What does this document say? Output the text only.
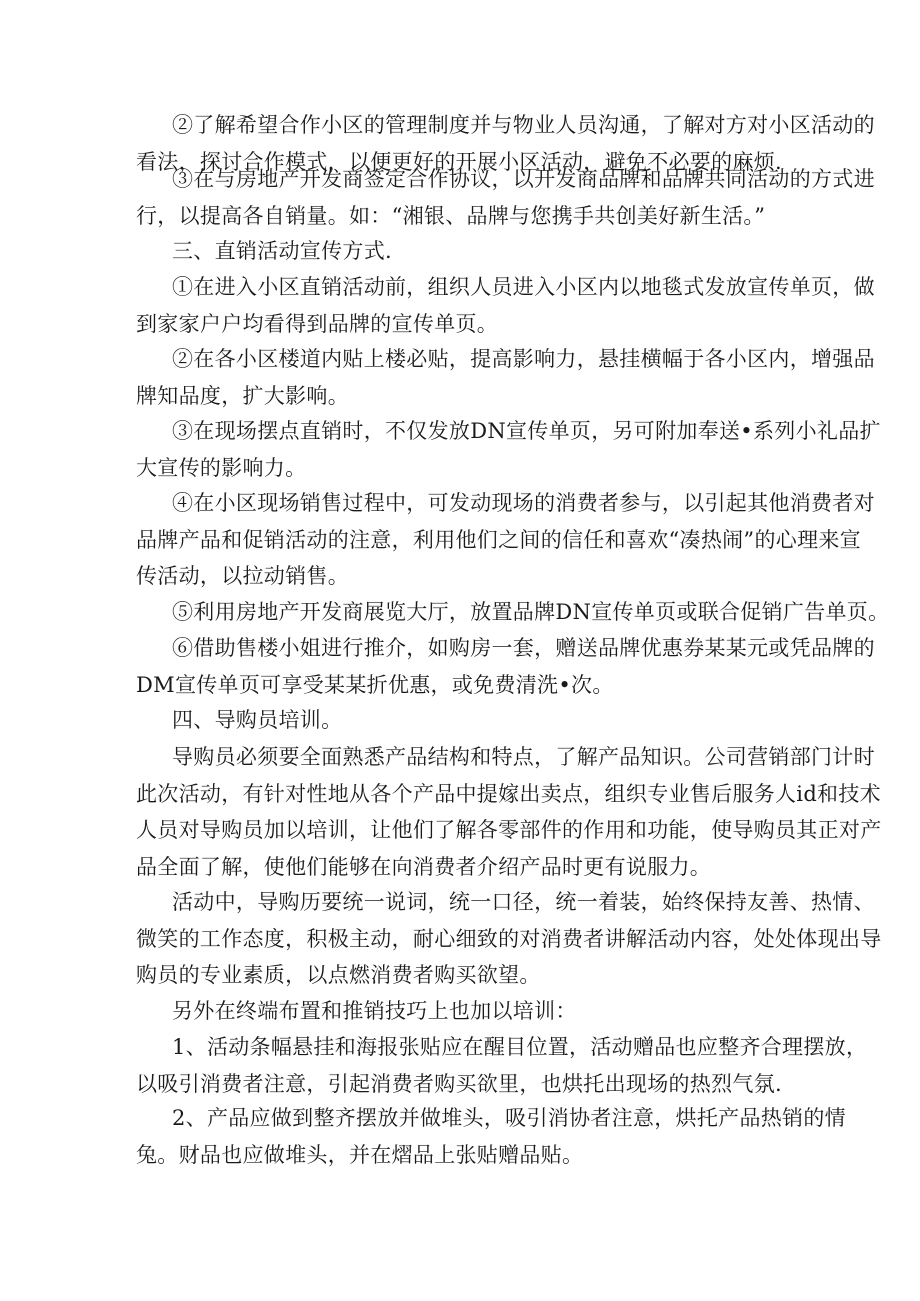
②了解希望合作小区的管理制度并与物业人员沟通，了解对方对小区活动的
看法，探讨合作模式，以便更好的开展小区活动，避免不必要的麻烦.

③在与房地产开发商签定合作协议，以开发商品牌和品牌共同活动的方式进
行，以提高各自销量。如：“湘银、品牌与您携手共创美好新生活。”

三、直销活动宣传方式.

①在进入小区直销活动前，组织人员进入小区内以地毯式发放宣传单页，做
到家家户户均看得到品牌的宣传单页。

②在各小区楼道内贴上楼必贴，提高影响力，悬挂横幅于各小区内，增强品
牌知品度，扩大影响。

③在现场摆点直销时，不仅发放DN宣传单页，另可附加奉送•系列小礼品扩
大宣传的影响力。

④在小区现场销售过程中，可发动现场的消费者参与，以引起其他消费者对
品牌产品和促销活动的注意，利用他们之间的信任和喜欢“凑热闹”的心理来宣
传活动，以拉动销售。

⑤利用房地产开发商展览大厅，放置品牌DN宣传单页或联合促销广告单页。

⑥借助售楼小姐进行推介，如购房一套，赠送品牌优惠券某某元或凭品牌的
DM宣传单页可享受某某折优惠，或免费清洗•次。

四、导购员培训。

导购员必须要全面熟悉产品结构和特点，了解产品知识。公司营销部门计时
此次活动，有针对性地从各个产品中提嫁出卖点，组织专业售后服务人id和技术
人员对导购员加以培训，让他们了解各零部件的作用和功能，使导购员其正对产
品全面了解，使他们能够在向消费者介绍产品时更有说服力。

活动中，导购历要统一说词，统一口径，统一着装，始终保持友善、热情、
微笑的工作态度，积极主动，耐心细致的对消费者讲解活动内容，处处体现出导
购员的专业素质，以点燃消费者购买欲望。

另外在终端布置和推销技巧上也加以培训：

1、活动条幅悬挂和海报张贴应在醒目位置，活动赠品也应整齐合理摆放，
以吸引消费者注意，引起消费者购买欲里，也烘托出现场的热烈气氛.

2、产品应做到整齐摆放并做堆头，吸引消协者注意，烘托产品热销的情
兔。财品也应做堆头，并在熠品上张贴赠品贴。
